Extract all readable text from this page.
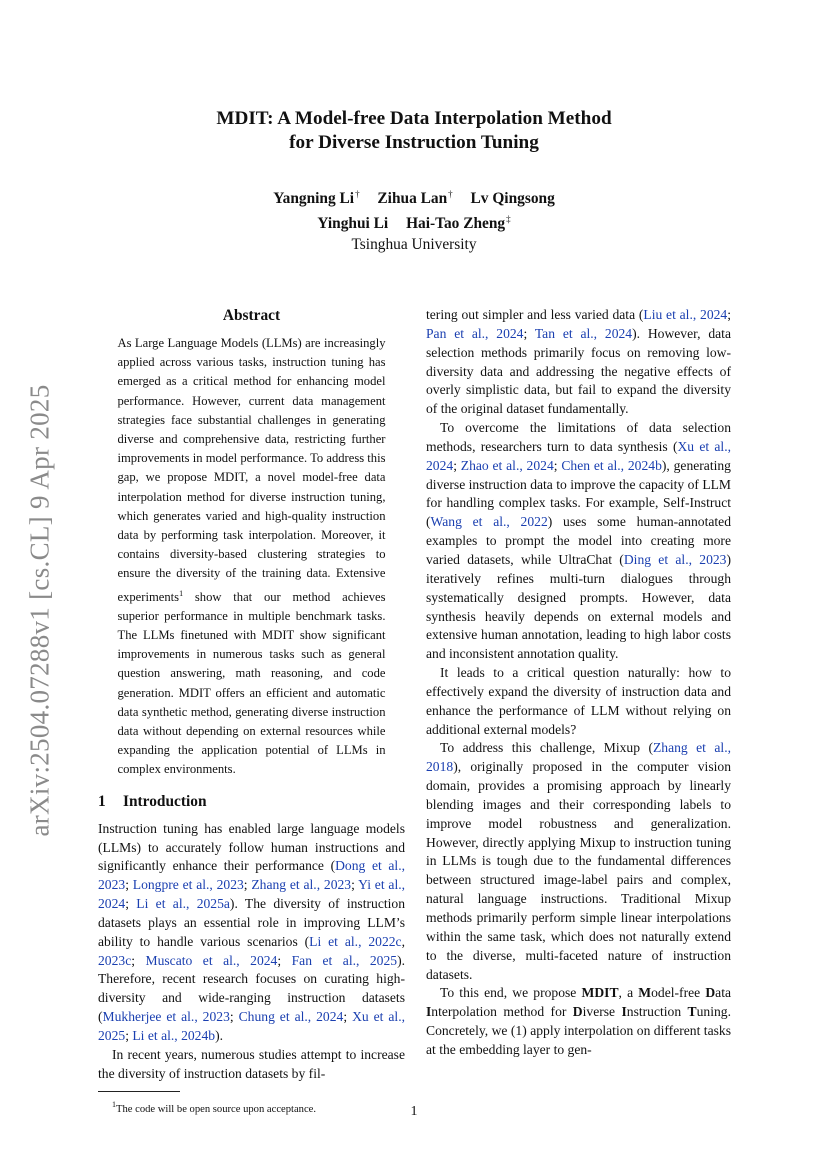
arXiv:2504.07288v1 [cs.CL] 9 Apr 2025
MDIT: A Model-free Data Interpolation Method
for Diverse Instruction Tuning
Yangning Li† Zihua Lan† Lv Qingsong
Yinghui Li Hai-Tao Zheng‡
Tsinghua University
Abstract
As Large Language Models (LLMs) are increasingly applied across various tasks, instruction tuning has emerged as a critical method for enhancing model performance. However, current data management strategies face substantial challenges in generating diverse and comprehensive data, restricting further improvements in model performance. To address this gap, we propose MDIT, a novel model-free data interpolation method for diverse instruction tuning, which generates varied and high-quality instruction data by performing task interpolation. Moreover, it contains diversity-based clustering strategies to ensure the diversity of the training data. Extensive experiments$^1$ show that our method achieves superior performance in multiple benchmark tasks. The LLMs finetuned with MDIT show significant improvements in numerous tasks such as general question answering, math reasoning, and code generation. MDIT offers an efficient and automatic data synthetic method, generating diverse instruction data without depending on external resources while expanding the application potential of LLMs in complex environments.
1 Introduction

Instruction tuning has enabled large language models (LLMs) to accurately follow human instructions and significantly enhance their performance (Dong et al., 2023; Longpre et al., 2023; Zhang et al., 2023; Yi et al., 2024; Li et al., 2025a). The diversity of instruction datasets plays an essential role in improving LLM’s ability to handle various scenarios (Li et al., 2022c, 2023c; Muscato et al., 2024; Fan et al., 2025). Therefore, recent research focuses on curating high-diversity and wide-ranging instruction datasets (Mukherjee et al., 2023; Chung et al., 2024; Xu et al., 2025; Li et al., 2024b).

In recent years, numerous studies attempt to increase the diversity of instruction datasets by fil-

$^1$The code will be open source upon acceptance.

tering out simpler and less varied data (Liu et al., 2024; Pan et al., 2024; Tan et al., 2024). However, data selection methods primarily focus on removing low-diversity data and addressing the negative effects of overly simplistic data, but fail to expand the diversity of the original dataset fundamentally.

To overcome the limitations of data selection methods, researchers turn to data synthesis (Xu et al., 2024; Zhao et al., 2024; Chen et al., 2024b), generating diverse instruction data to improve the capacity of LLM for handling complex tasks. For example, Self-Instruct (Wang et al., 2022) uses some human-annotated examples to prompt the model into creating more varied datasets, while UltraChat (Ding et al., 2023) iteratively refines multi-turn dialogues through systematically designed prompts. However, data synthesis heavily depends on external models and extensive human annotation, leading to high labor costs and inconsistent annotation quality.

It leads to a critical question naturally: how to effectively expand the diversity of instruction data and enhance the performance of LLM without relying on additional external models?

To address this challenge, Mixup (Zhang et al., 2018), originally proposed in the computer vision domain, provides a promising approach by linearly blending images and their corresponding labels to improve model robustness and generalization. However, directly applying Mixup to instruction tuning in LLMs is tough due to the fundamental differences between structured image-label pairs and complex, natural language instructions. Traditional Mixup methods primarily perform simple linear interpolations within the same task, which does not naturally extend to the diverse, multi-faceted nature of instruction datasets.

To this end, we propose MDIT, a Model-free Data Interpolation method for Diverse Instruction Tuning. Concretely, we (1) apply interpolation on different tasks at the embedding layer to gen-

1
